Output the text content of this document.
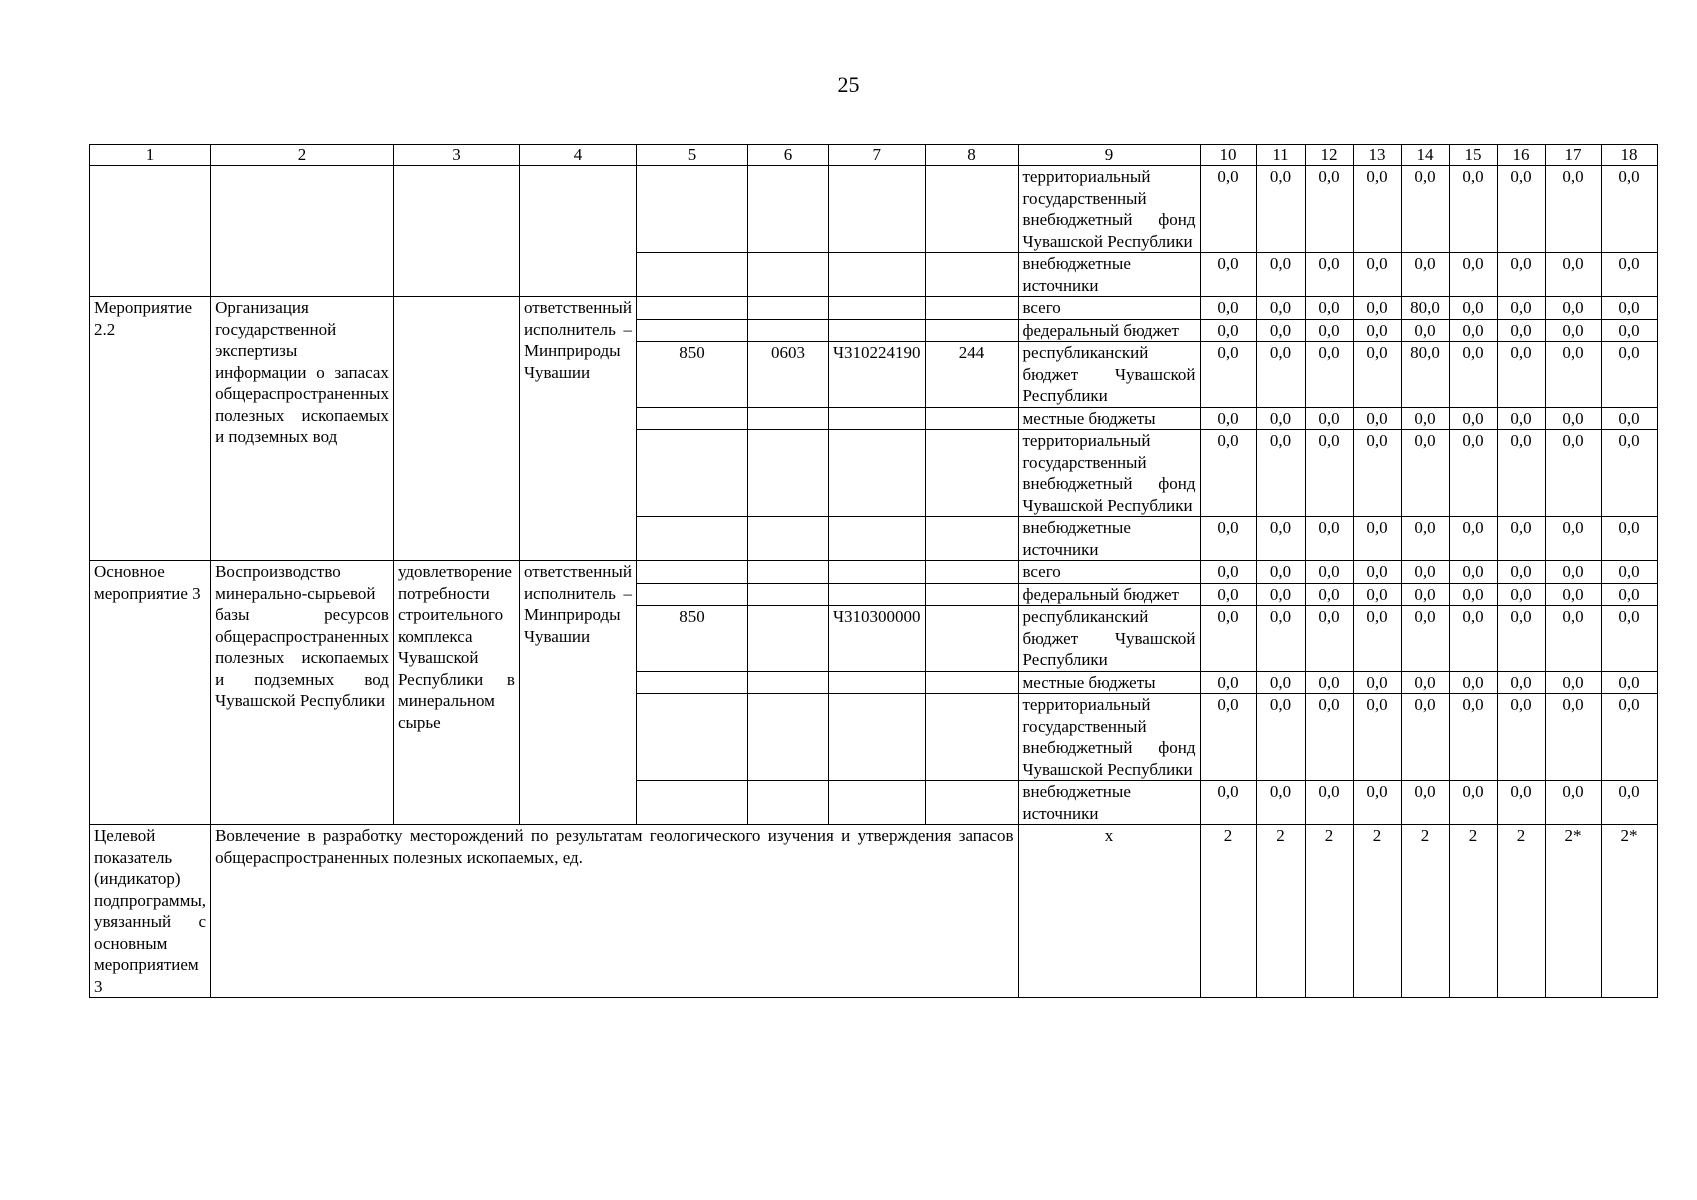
25
1	2	3	4	5	6	7	8	9	10	11	12	13	14	15	16	17	18
								территориальный государственный внебюджетный фонд Чувашской Республики	0,0	0,0	0,0	0,0	0,0	0,0	0,0	0,0	0,0
								внебюджетные источники	0,0	0,0	0,0	0,0	0,0	0,0	0,0	0,0	0,0
Мероприятие 2.2	Организация государственной экспертизы информации о запасах общераспространенных полезных ископаемых и подземных вод		ответственный исполнитель – Минприроды Чувашии					всего	0,0	0,0	0,0	0,0	80,0	0,0	0,0	0,0	0,0
								федеральный бюджет	0,0	0,0	0,0	0,0	0,0	0,0	0,0	0,0	0,0
				850	0603	Ч310224190	244	республиканский бюджет Чувашской Республики	0,0	0,0	0,0	0,0	80,0	0,0	0,0	0,0	0,0
								местные бюджеты	0,0	0,0	0,0	0,0	0,0	0,0	0,0	0,0	0,0
								территориальный государственный внебюджетный фонд Чувашской Республики	0,0	0,0	0,0	0,0	0,0	0,0	0,0	0,0	0,0
								внебюджетные источники	0,0	0,0	0,0	0,0	0,0	0,0	0,0	0,0	0,0
Основное мероприятие 3	Воспроизводство минерально-сырьевой базы ресурсов общераспространенных полезных ископаемых и подземных вод Чувашской Республики	удовлетворение потребности строительного комплекса Чувашской Республики в минеральном сырье	ответственный исполнитель – Минприроды Чувашии					всего	0,0	0,0	0,0	0,0	0,0	0,0	0,0	0,0	0,0
								федеральный бюджет	0,0	0,0	0,0	0,0	0,0	0,0	0,0	0,0	0,0
				850		Ч310300000		республиканский бюджет Чувашской Республики	0,0	0,0	0,0	0,0	0,0	0,0	0,0	0,0	0,0
								местные бюджеты	0,0	0,0	0,0	0,0	0,0	0,0	0,0	0,0	0,0
								территориальный государственный внебюджетный фонд Чувашской Республики	0,0	0,0	0,0	0,0	0,0	0,0	0,0	0,0	0,0
								внебюджетные источники	0,0	0,0	0,0	0,0	0,0	0,0	0,0	0,0	0,0
Целевой показатель (индикатор) подпрограммы, увязанный с основным мероприятием 3	Вовлечение в разработку месторождений по результатам геологического изучения и утверждения запасов общераспространенных полезных ископаемых, ед.							х	2	2	2	2	2	2	2	2*	2*
